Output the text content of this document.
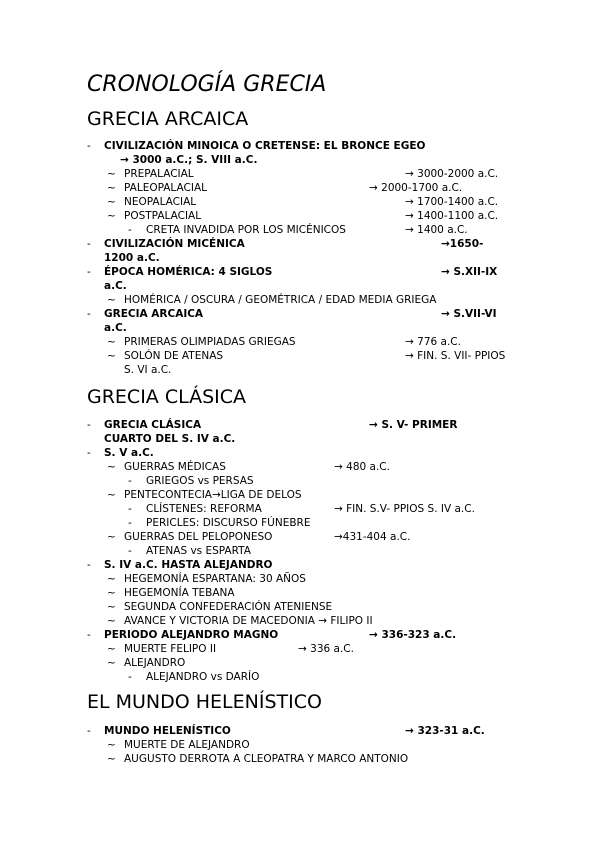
CRONOLOGÍA GRECIA
GRECIA ARCAICA
- CIVILIZACIÓN MINOICA O CRETENSE: EL BRONCE EGEO
→ 3000 a.C.; S. VIII a.C.
~ PREPALACIAL	→ 3000-2000 a.C.
~ PALEOPALACIAL	→ 2000-1700 a.C.
~ NEOPALACIAL	→ 1700-1400 a.C.
~ POSTPALACIAL	→ 1400-1100 a.C.
- CRETA INVADIDA POR LOS MICÉNICOS	→ 1400 a.C.
- CIVILIZACIÓN MICÉNICA	→1650-
1200 a.C.
- ÉPOCA HOMÉRICA: 4 SIGLOS	→ S.XII-IX
a.C.
~ HOMÉRICA / OSCURA / GEOMÉTRICA / EDAD MEDIA GRIEGA
- GRECIA ARCAICA	→ S.VII-VI
a.C.
~ PRIMERAS OLIMPIADAS GRIEGAS	→ 776 a.C.
~ SOLÓN DE ATENAS	→ FIN. S. VII- PPIOS
S. VI a.C.
GRECIA CLÁSICA
- GRECIA CLÁSICA	→ S. V- PRIMER
CUARTO DEL S. IV a.C.
- S. V a.C.
~ GUERRAS MÉDICAS	→ 480 a.C.
- GRIEGOS vs PERSAS
~ PENTECONTECIA→LIGA DE DELOS
- CLÍSTENES: REFORMA	→ FIN. S.V- PPIOS S. IV a.C.
- PERICLES: DISCURSO FÚNEBRE
~ GUERRAS DEL PELOPONESO	→431-404 a.C.
- ATENAS vs ESPARTA
- S. IV a.C. HASTA ALEJANDRO
~ HEGEMONÍA ESPARTANA: 30 AÑOS
~ HEGEMONÍA TEBANA
~ SEGUNDA CONFEDERACIÓN ATENIENSE
~ AVANCE Y VICTORIA DE MACEDONIA → FILIPO II
- PERIODO ALEJANDRO MAGNO	→ 336-323 a.C.
~ MUERTE FELIPO II	→ 336 a.C.
~ ALEJANDRO
- ALEJANDRO vs DARÍO
EL MUNDO HELENÍSTICO
- MUNDO HELENÍSTICO	→ 323-31 a.C.
~ MUERTE DE ALEJANDRO
~ AUGUSTO DERROTA A CLEOPATRA Y MARCO ANTONIO
